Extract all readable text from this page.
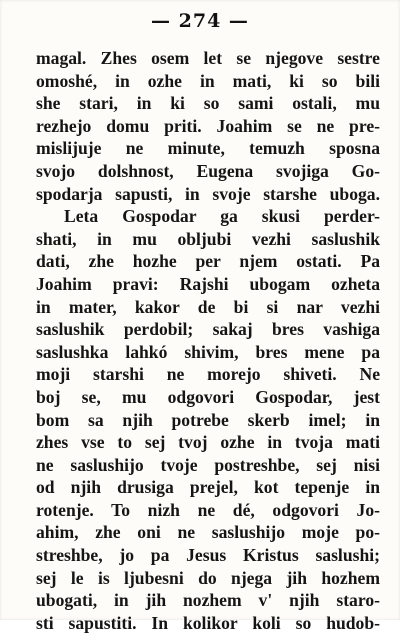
— 274 —
magal. Zhes osem let se njegove sestre
omoshé, in ozhe in mati, ki so bili
she stari, in ki so sami ostali, mu
rezhejo domu priti. Joahim se ne pre-
mislijuje ne minute, temuzh sposna
svojo dolshnost, Eugena svojiga Go-
spodarja sapusti, in svoje starshe uboga.
Leta Gospodar ga skusi perder-
shati, in mu obljubi vezhi saslushik
dati, zhe hozhe per njem ostati. Pa
Joahim pravi: Rajshi ubogam ozheta
in mater, kakor de bi si nar vezhi
saslushik perdobil; sakaj bres vashiga
saslushka lahkó shivim, bres mene pa
moji starshi ne morejo shiveti. Ne
boj se, mu odgovori Gospodar, jest
bom sa njih potrebe skerb imel; in
zhes vse to sej tvoj ozhe in tvoja mati
ne saslushijo tvoje postreshbe, sej nisi
od njih drusiga prejel, kot tepenje in
rotenje. To nizh ne dé, odgovori Jo-
ahim, zhe oni ne saslushijo moje po-
streshbe, jo pa Jesus Kristus saslushi;
sej le is ljubesni do njega jih hozhem
ubogati, in jih nozhem v' njih staro-
sti sapustiti. In kolikor koli so hudob-
